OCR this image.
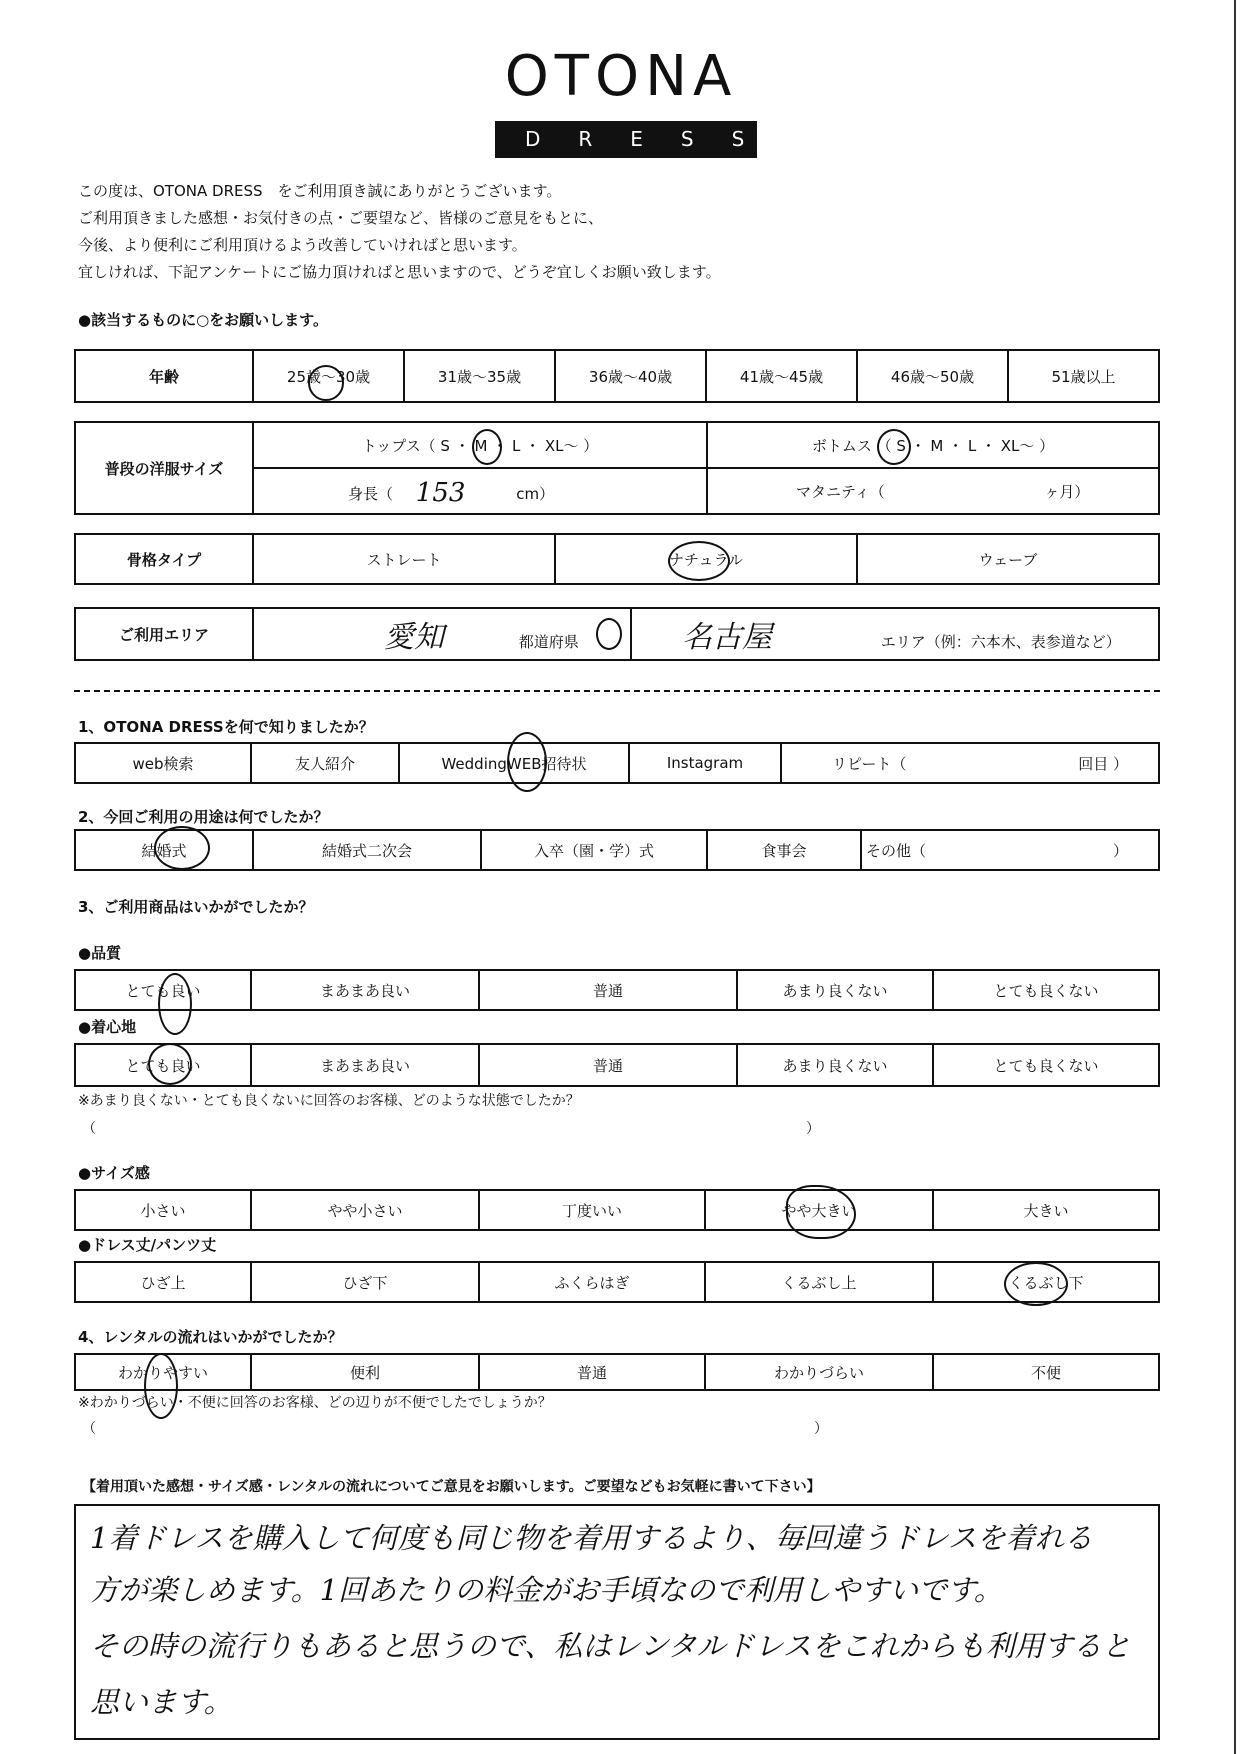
OTONA
DRESS
この度は、OTONA DRESS　をご利用頂き誠にありがとうございます。
ご利用頂きました感想・お気付きの点・ご要望など、皆様のご意見をもとに、
今後、より便利にご利用頂けるよう改善していければと思います。
宜しければ、下記アンケートにご協力頂ければと思いますので、どうぞ宜しくお願い致します。
●該当するものに○をお願いします。
年齢	25歳～30歳	31歳～35歳	36歳～40歳	41歳～45歳	46歳～50歳	51歳以上
普段の洋服サイズ	トップス（ S ・ M ・ L ・ XL～ ）	ボトムス （ S ・ M ・ L ・ XL～ ）
	身長（ 153 cm）	マタニティ（ ヶ月）
骨格タイプ	ストレート	ナチュラル	ウェーブ
ご利用エリア	愛知	都道府県	名古屋	エリア（例：六本木、表参道など）
1、OTONA DRESSを何で知りましたか？
web検索	友人紹介	WeddingWEB招待状	Instagram	リピート（	回目 ）
2、今回ご利用の用途は何でしたか？
結婚式	結婚式二次会	入卒（園・学）式	食事会	その他（	）
3、ご利用商品はいかがでしたか？
●品質
とても良い	まあまあ良い	普通	あまり良くない	とても良くない
●着心地
とても良い	まあまあ良い	普通	あまり良くない	とても良くない
※あまり良くない・とても良くないに回答のお客様、どのような状態でしたか？
（	）
●サイズ感
小さい	やや小さい	丁度いい	やや大きい	大きい
●ドレス丈/パンツ丈
ひざ上	ひざ下	ふくらはぎ	くるぶし上	くるぶし下
4、レンタルの流れはいかがでしたか？
わかりやすい	便利	普通	わかりづらい	不便
※わかりづらい・不便に回答のお客様、どの辺りが不便でしたでしょうか？
（	）
【着用頂いた感想・サイズ感・レンタルの流れについてご意見をお願いします。ご要望などもお気軽に書いて下さい】
1着ドレスを購入して何度も同じ物を着用するより、毎回違うドレスを着れる
方が楽しめます。1回あたりの料金がお手頃なので利用しやすいです。
その時の流行りもあると思うので、私はレンタルドレスをこれからも利用すると
思います。
